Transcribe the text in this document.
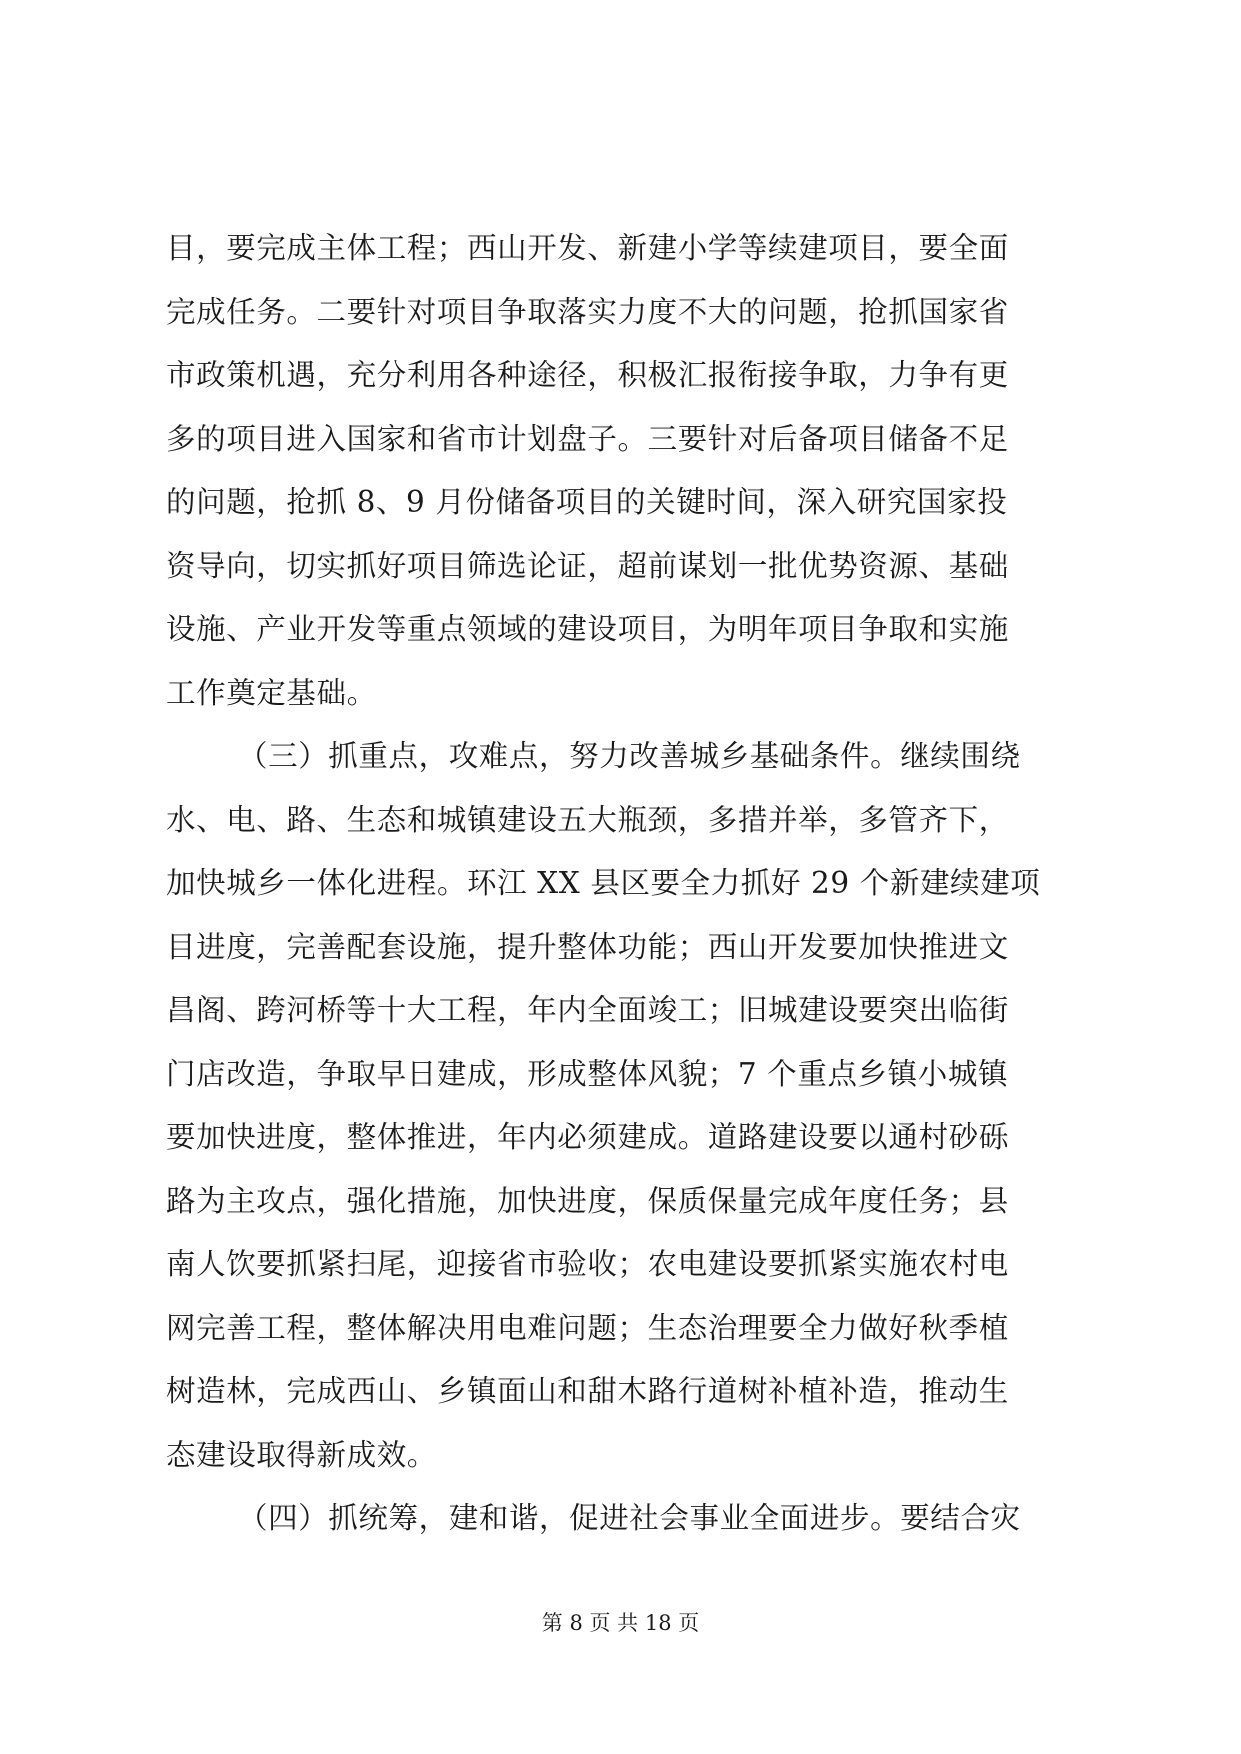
目，要完成主体工程；西山开发、新建小学等续建项目，要全面
完成任务。二要针对项目争取落实力度不大的问题，抢抓国家省
市政策机遇，充分利用各种途径，积极汇报衔接争取，力争有更
多的项目进入国家和省市计划盘子。三要针对后备项目储备不足
的问题，抢抓 8、9 月份储备项目的关键时间，深入研究国家投
资导向，切实抓好项目筛选论证，超前谋划一批优势资源、基础
设施、产业开发等重点领域的建设项目，为明年项目争取和实施
工作奠定基础。
（三）抓重点，攻难点，努力改善城乡基础条件。继续围绕
水、电、路、生态和城镇建设五大瓶颈，多措并举，多管齐下，
加快城乡一体化进程。环江 XX 县区要全力抓好 29 个新建续建项
目进度，完善配套设施，提升整体功能；西山开发要加快推进文
昌阁、跨河桥等十大工程，年内全面竣工；旧城建设要突出临街
门店改造，争取早日建成，形成整体风貌；7 个重点乡镇小城镇
要加快进度，整体推进，年内必须建成。道路建设要以通村砂砾
路为主攻点，强化措施，加快进度，保质保量完成年度任务；县
南人饮要抓紧扫尾，迎接省市验收；农电建设要抓紧实施农村电
网完善工程，整体解决用电难问题；生态治理要全力做好秋季植
树造林，完成西山、乡镇面山和甜木路行道树补植补造，推动生
态建设取得新成效。
（四）抓统筹，建和谐，促进社会事业全面进步。要结合灾
第 8 页 共 18 页
